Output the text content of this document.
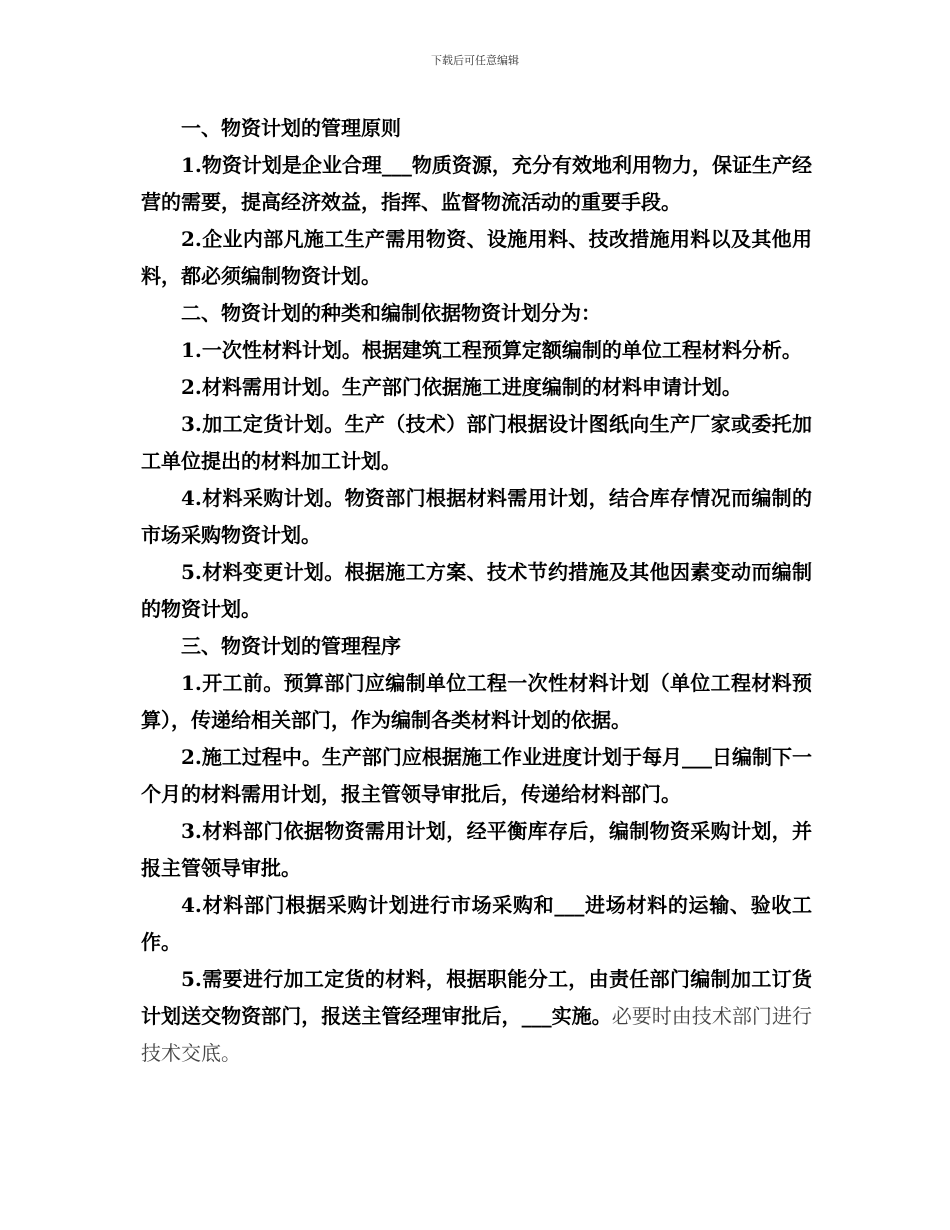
下载后可任意编辑

一、物资计划的管理原则

1.物资计划是企业合理___物质资源，充分有效地利用物力，保证生产经营的需要，提高经济效益，指挥、监督物流活动的重要手段。

2.企业内部凡施工生产需用物资、设施用料、技改措施用料以及其他用料，都必须编制物资计划。

二、物资计划的种类和编制依据物资计划分为：

1.一次性材料计划。根据建筑工程预算定额编制的单位工程材料分析。

2.材料需用计划。生产部门依据施工进度编制的材料申请计划。

3.加工定货计划。生产（技术）部门根据设计图纸向生产厂家或委托加工单位提出的材料加工计划。

4.材料采购计划。物资部门根据材料需用计划，结合库存情况而编制的市场采购物资计划。

5.材料变更计划。根据施工方案、技术节约措施及其他因素变动而编制的物资计划。

三、物资计划的管理程序

1.开工前。预算部门应编制单位工程一次性材料计划（单位工程材料预算），传递给相关部门，作为编制各类材料计划的依据。

2.施工过程中。生产部门应根据施工作业进度计划于每月___日编制下一个月的材料需用计划，报主管领导审批后，传递给材料部门。

3.材料部门依据物资需用计划，经平衡库存后，编制物资采购计划，并报主管领导审批。

4.材料部门根据采购计划进行市场采购和___进场材料的运输、验收工作。

5.需要进行加工定货的材料，根据职能分工，由责任部门编制加工订货计划送交物资部门，报送主管经理审批后，___实施。必要时由技术部门进行技术交底。
